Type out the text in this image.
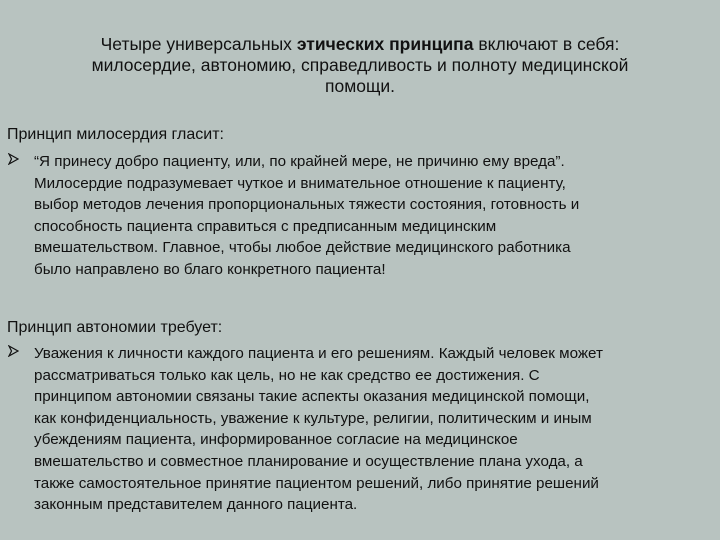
Четыре универсальных этических принципа включают в себя:
милосердие, автономию, справедливость и полноту медицинской
помощи.
Принцип милосердия гласит:
“Я принесу добро пациенту, или, по крайней мере, не причиню ему вреда”.
Милосердие подразумевает чуткое и внимательное отношение к пациенту,
выбор методов лечения пропорциональных тяжести состояния, готовность и
способность пациента справиться с предписанным медицинским
вмешательством. Главное, чтобы любое действие медицинского работника
было направлено во благо конкретного пациента!
Принцип автономии требует:
Уважения к личности каждого пациента и его решениям. Каждый человек может
рассматриваться только как цель, но не как средство ее достижения. С
принципом автономии связаны такие аспекты оказания медицинской помощи,
как конфиденциальность, уважение к культуре, религии, политическим и иным
убеждениям пациента, информированное согласие на медицинское
вмешательство и совместное планирование и осуществление плана ухода, а
также самостоятельное принятие пациентом решений, либо принятие решений
законным представителем данного пациента.
